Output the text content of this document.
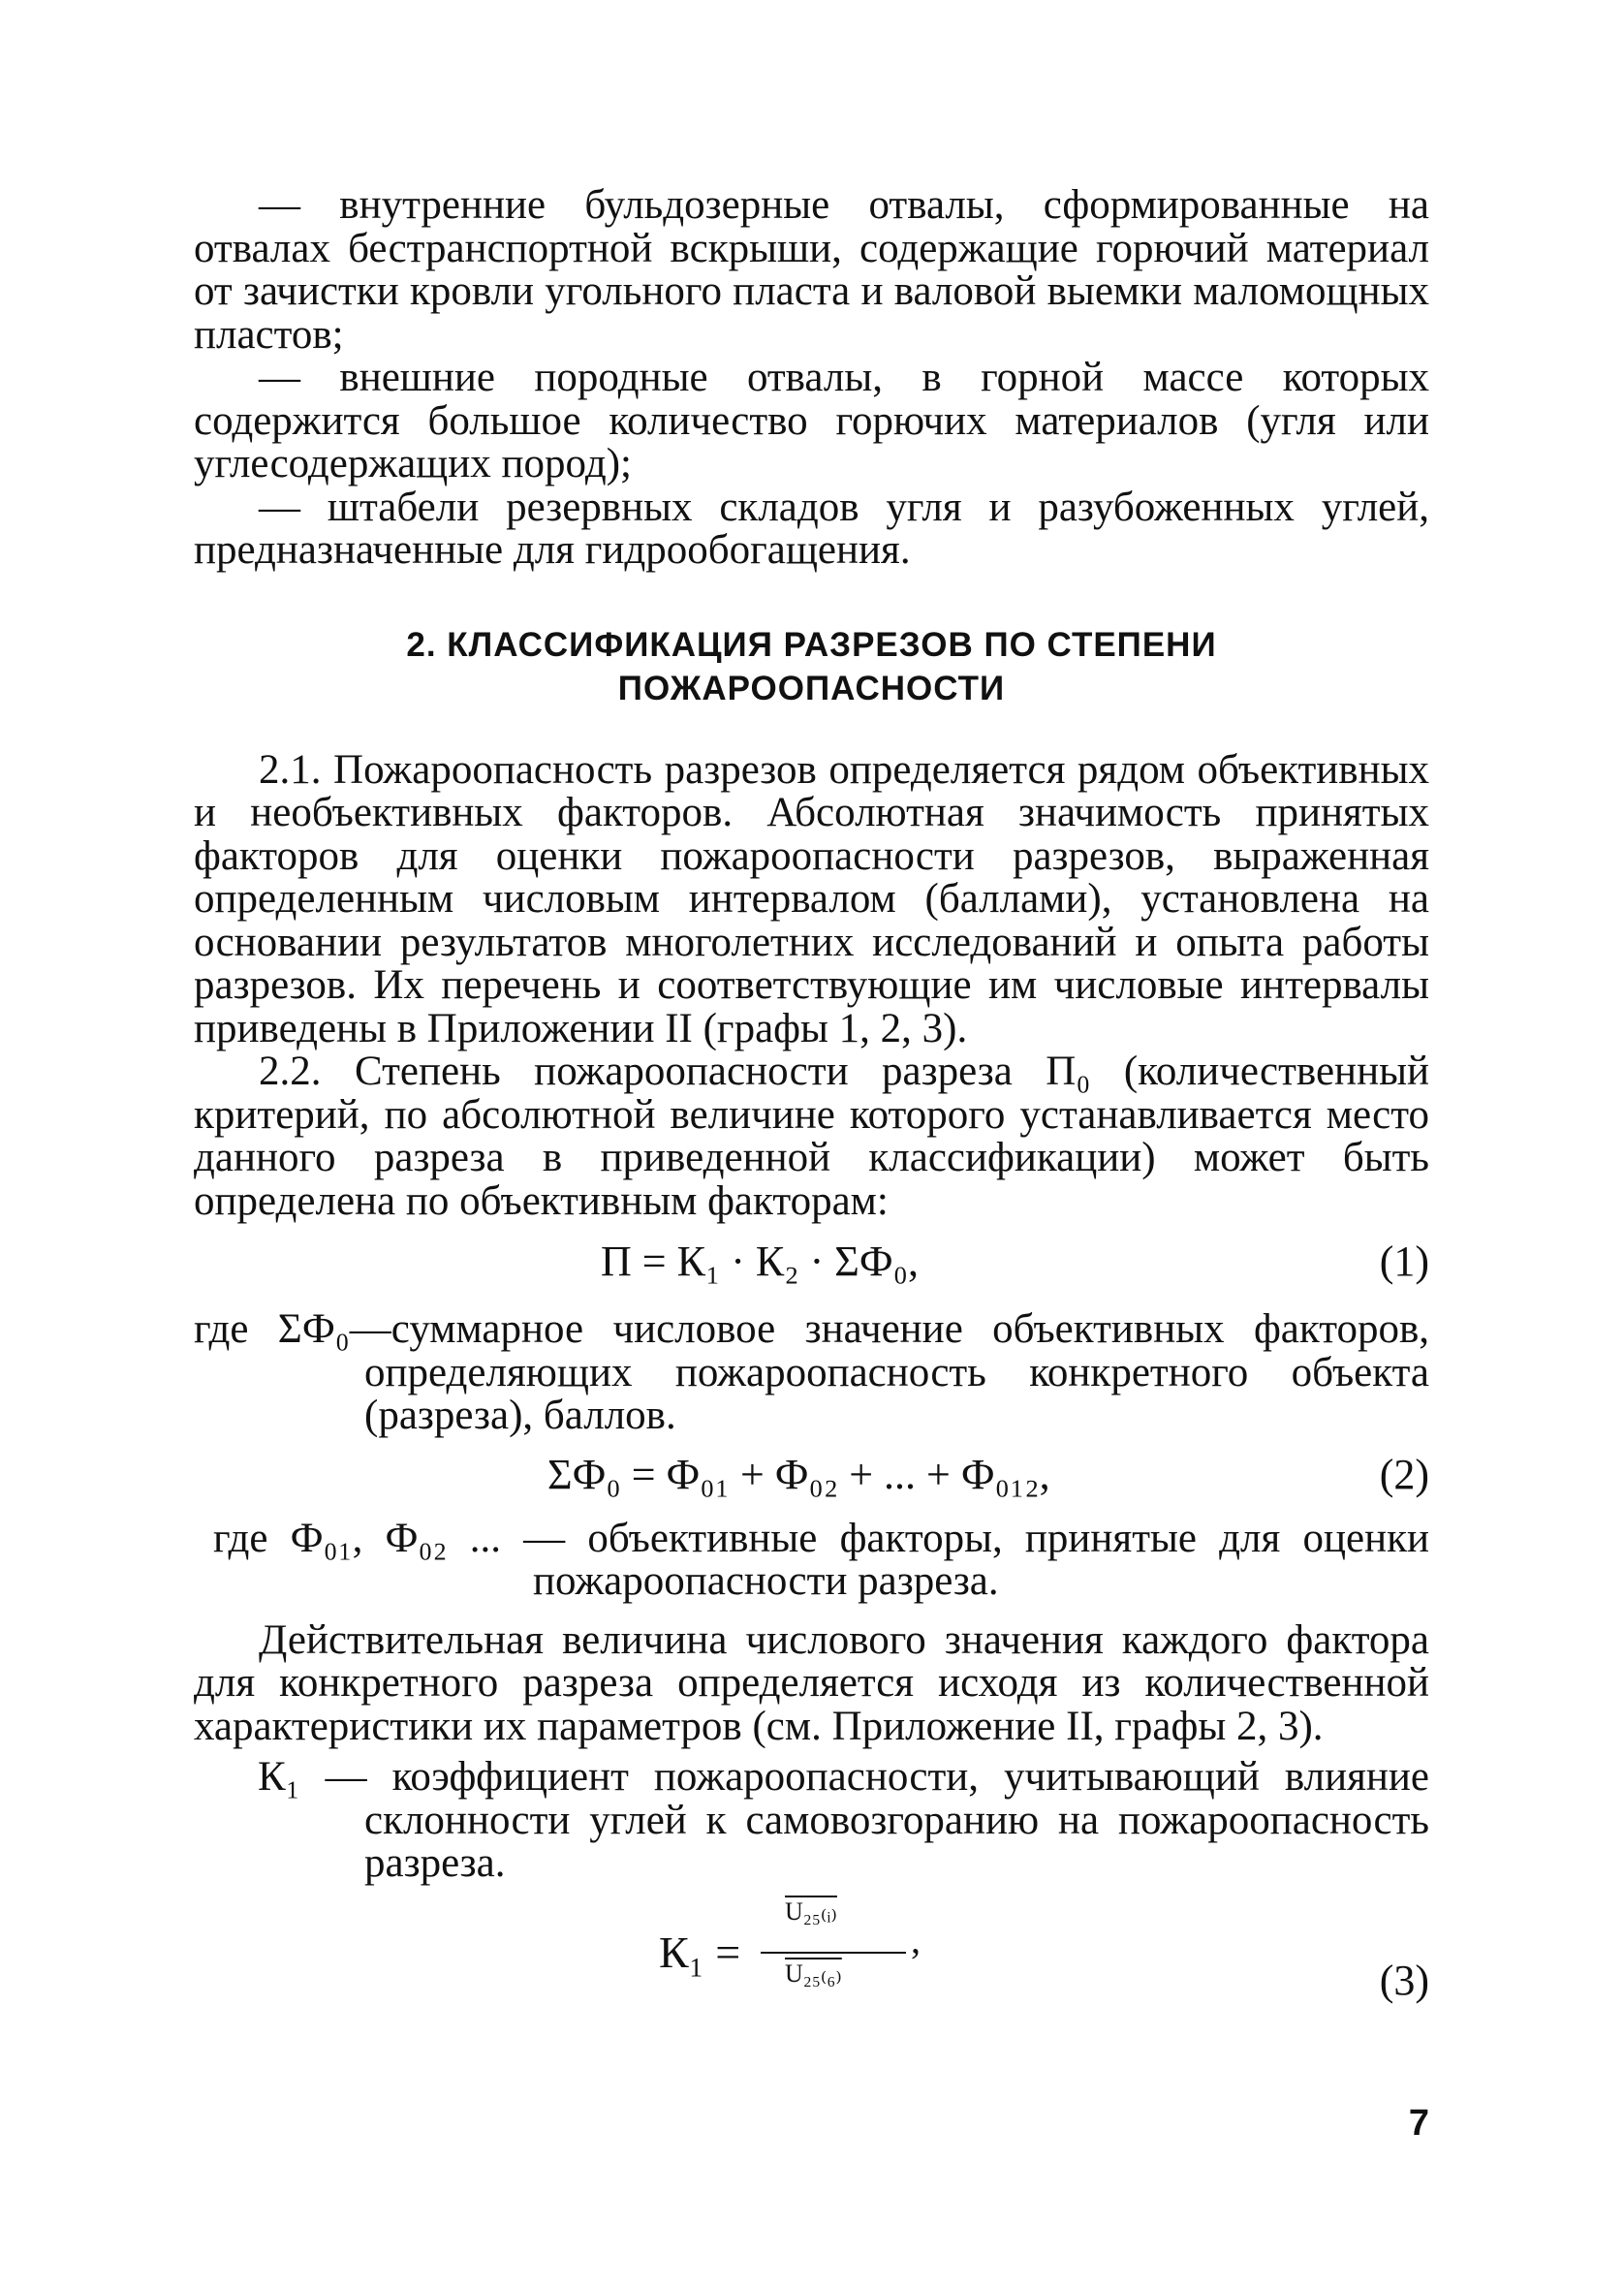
— внутренние бульдозерные отвалы, сформированные на отвалах бестранспортной вскрыши, содержащие горючий материал от зачистки кровли угольного пласта и валовой выемки маломощных пластов;

— внешние породные отвалы, в горной массе которых содержится большое количество горючих материалов (угля или углесодержащих пород);

— штабели резервных складов угля и разубоженных углей, предназначенные для гидрообогащения.

2. КЛАССИФИКАЦИЯ РАЗРЕЗОВ ПО СТЕПЕНИ
ПОЖАРООПАСНОСТИ

2.1. Пожароопасность разрезов определяется рядом объективных и необъективных факторов. Абсолютная значимость принятых факторов для оценки пожароопасности разрезов, выраженная определенным числовым интервалом (баллами), установлена на основании результатов многолетних исследований и опыта работы разрезов. Их перечень и соответствующие им числовые интервалы приведены в Приложении II (графы 1, 2, 3).

2.2. Степень пожароопасности разреза П₀ (количественный критерий, по абсолютной величине которого устанавливается место данного разреза в приведенной классификации) может быть определена по объективным факторам:

П = К₁ · К₂ · ΣФ₀,	(1)

где ΣФ₀—суммарное числовое значение объективных факторов, определяющих пожароопасность конкретного объекта (разреза), баллов.

ΣФ₀ = Ф₀₁ + Ф₀₂ + ... + Ф₀₁₂,	(2)

где Ф₀₁, Ф₀₂ ... — объективные факторы, принятые для оценки пожароопасности разреза.

Действительная величина числового значения каждого фактора для конкретного разреза определяется исходя из количественной характеристики их параметров (см. Приложение II, графы 2, 3).

К₁ — коэффициент пожароопасности, учитывающий влияние склонности углей к самовозгоранию на пожароопасность разреза.

К₁ =
U₂₅₍ᵢ₎
,
U₂₅₍₆₎	(3)
7
